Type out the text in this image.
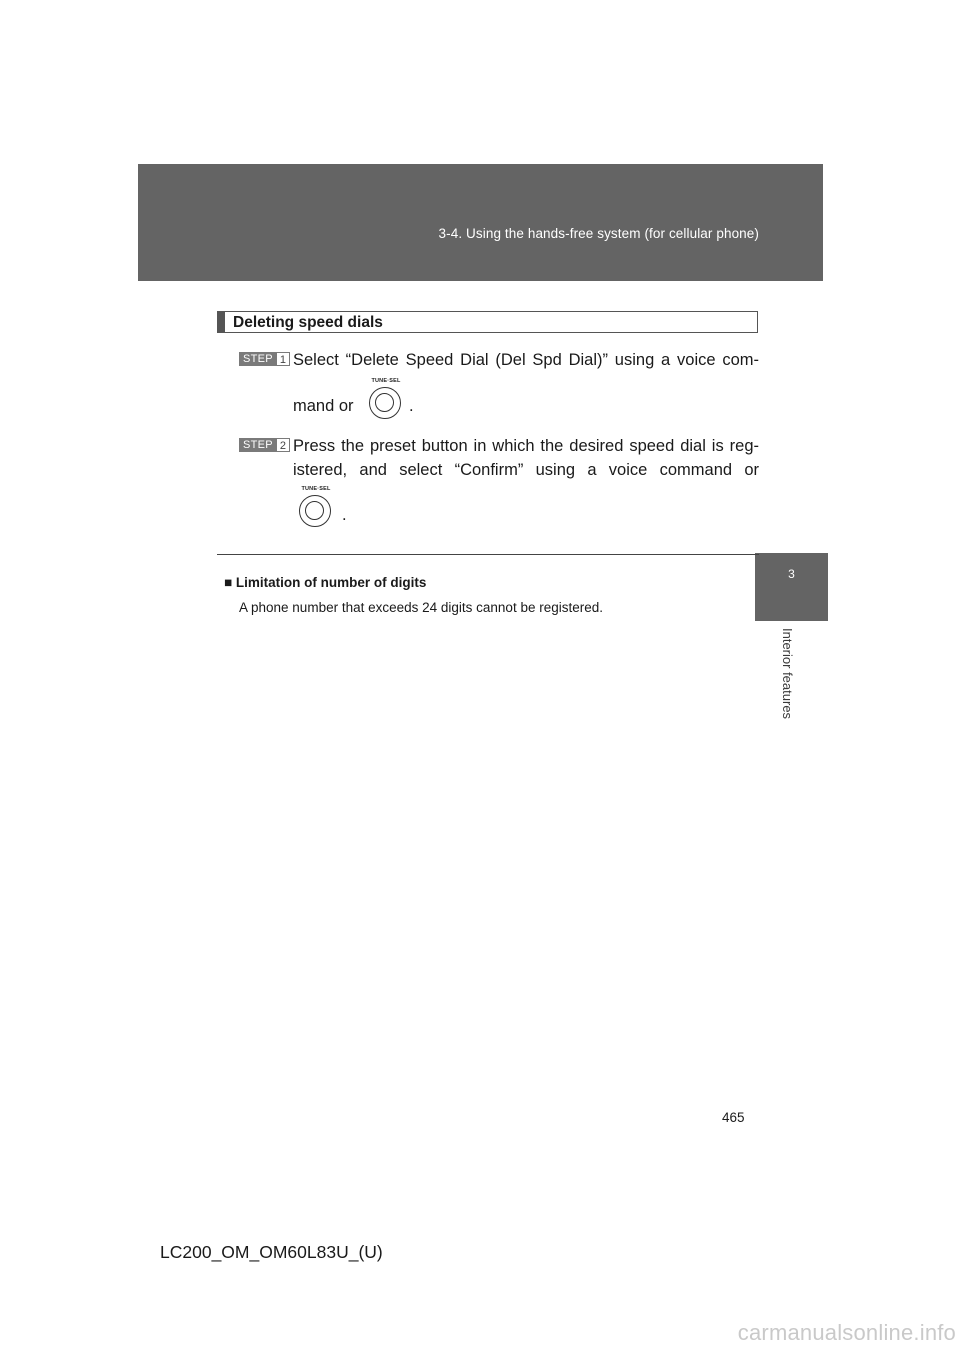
3-4. Using the hands-free system (for cellular phone)
3
Interior features
Deleting speed dials
STEP 1 Select “Delete Speed Dial (Del Spd Dial)” using a voice com-
mand or
TUNE·SEL
.
STEP 2 Press the preset button in which the desired speed dial is reg-
istered, and select “Confirm” using a voice command or
TUNE·SEL
.
■ Limitation of number of digits
A phone number that exceeds 24 digits cannot be registered.
465
LC200_OM_OM60L83U_(U)
carmanualsonline.info
